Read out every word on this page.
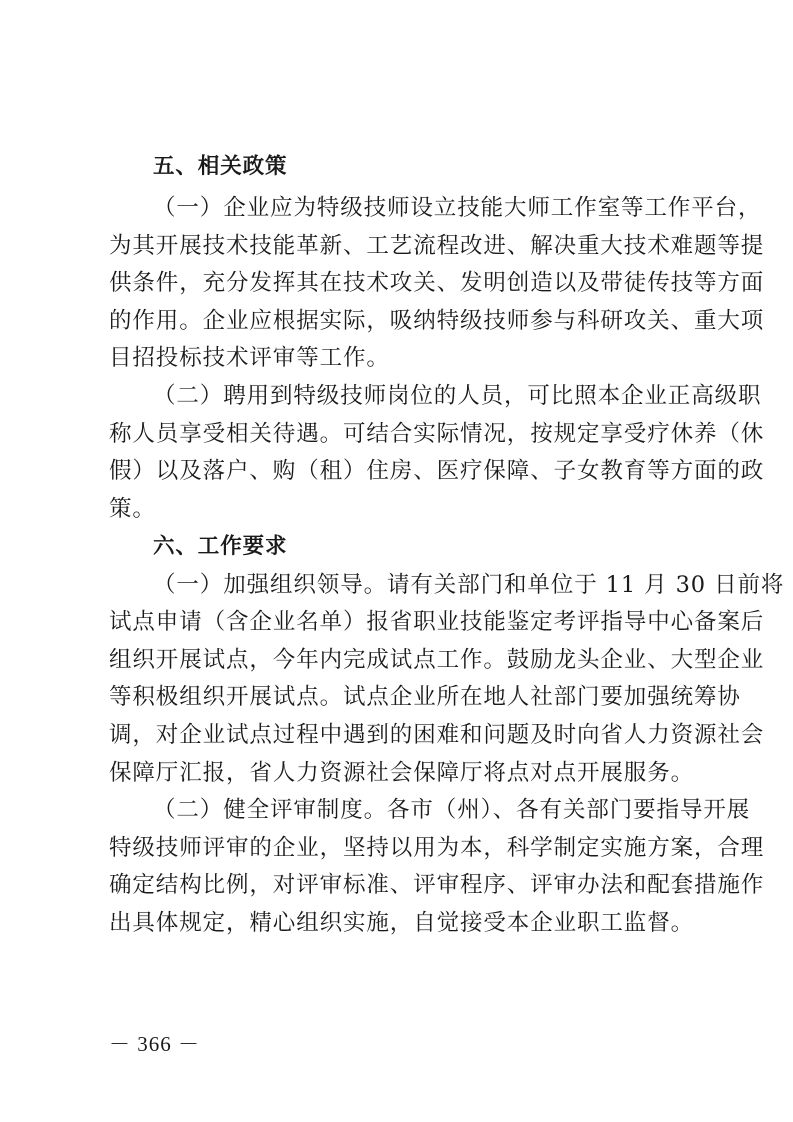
五、相关政策
（一）企业应为特级技师设立技能大师工作室等工作平台，
为其开展技术技能革新、工艺流程改进、解决重大技术难题等提
供条件，充分发挥其在技术攻关、发明创造以及带徒传技等方面
的作用。企业应根据实际，吸纳特级技师参与科研攻关、重大项
目招投标技术评审等工作。
（二）聘用到特级技师岗位的人员，可比照本企业正高级职
称人员享受相关待遇。可结合实际情况，按规定享受疗休养（休
假）以及落户、购（租）住房、医疗保障、子女教育等方面的政
策。
六、工作要求
（一）加强组织领导。请有关部门和单位于 11 月 30 日前将
试点申请（含企业名单）报省职业技能鉴定考评指导中心备案后
组织开展试点，今年内完成试点工作。鼓励龙头企业、大型企业
等积极组织开展试点。试点企业所在地人社部门要加强统筹协
调，对企业试点过程中遇到的困难和问题及时向省人力资源社会
保障厅汇报，省人力资源社会保障厅将点对点开展服务。
（二）健全评审制度。各市（州）、各有关部门要指导开展
特级技师评审的企业，坚持以用为本，科学制定实施方案，合理
确定结构比例，对评审标准、评审程序、评审办法和配套措施作
出具体规定，精心组织实施，自觉接受本企业职工监督。
－ 366 －
